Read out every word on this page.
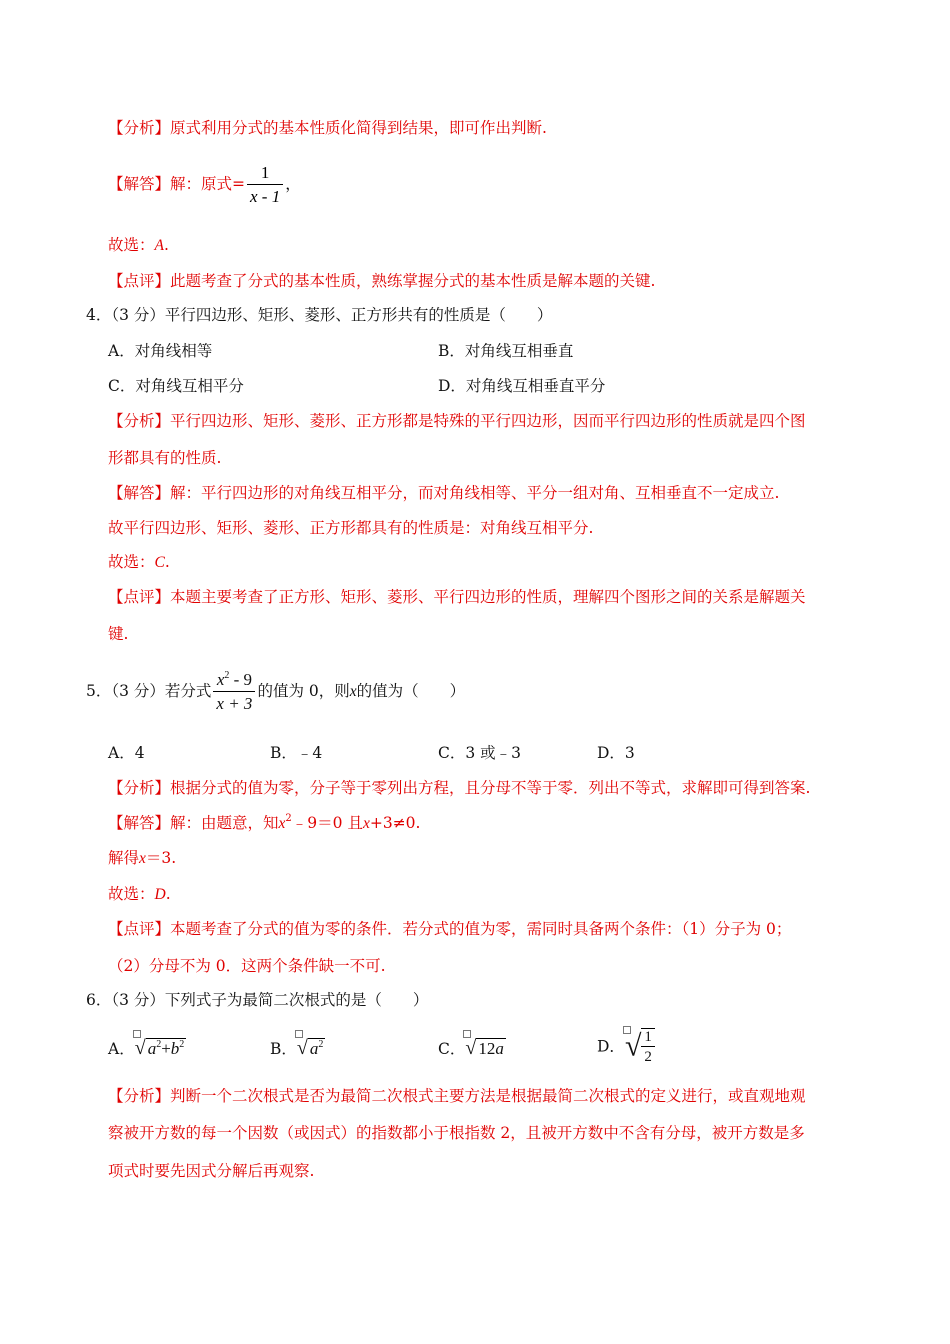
【分析】原式利用分式的基本性质化简得到结果，即可作出判断.
【解答】解：原式= $\frac{1}{x - 1}$ ，
故选：A.
【点评】此题考查了分式的基本性质，熟练掌握分式的基本性质是解本题的关键.
4．（3 分）平行四边形、矩形、菱形、正方形共有的性质是（　　）
A．对角线相等	B．对角线互相垂直
C．对角线互相平分	D．对角线互相垂直平分
【分析】平行四边形、矩形、菱形、正方形都是特殊的平行四边形，因而平行四边形的性质就是四个图
形都具有的性质.
【解答】解：平行四边形的对角线互相平分，而对角线相等、平分一组对角、互相垂直不一定成立.
故平行四边形、矩形、菱形、正方形都具有的性质是：对角线互相平分.
故选：C.
【点评】本题主要考查了正方形、矩形、菱形、平行四边形的性质，理解四个图形之间的关系是解题关
键.
5．（3 分）若分式 $\frac{x^2 - 9}{x + 3}$ 的值为 0，则x的值为（　　）
A．4	B．﹣4	C．3 或﹣3	D．3
【分析】根据分式的值为零，分子等于零列出方程，且分母不等于零．列出不等式，求解即可得到答案.
【解答】解：由题意，知$x^2﹣9=0$ 且x+3≠0.
解得x＝3.
故选：D.
【点评】本题考查了分式的值为零的条件．若分式的值为零，需同时具备两个条件：（1）分子为 0；
（2）分母不为 0．这两个条件缺一不可.
6．（3 分）下列式子为最简二次根式的是（　　）
A．
√ $a^2+b^2$	B．
√ $a^2$	C．
√ 12a	D．
√ $\frac{1}{2}$
【分析】判断一个二次根式是否为最简二次根式主要方法是根据最简二次根式的定义进行，或直观地观
察被开方数的每一个因数（或因式）的指数都小于根指数 2，且被开方数中不含有分母，被开方数是多
项式时要先因式分解后再观察.
